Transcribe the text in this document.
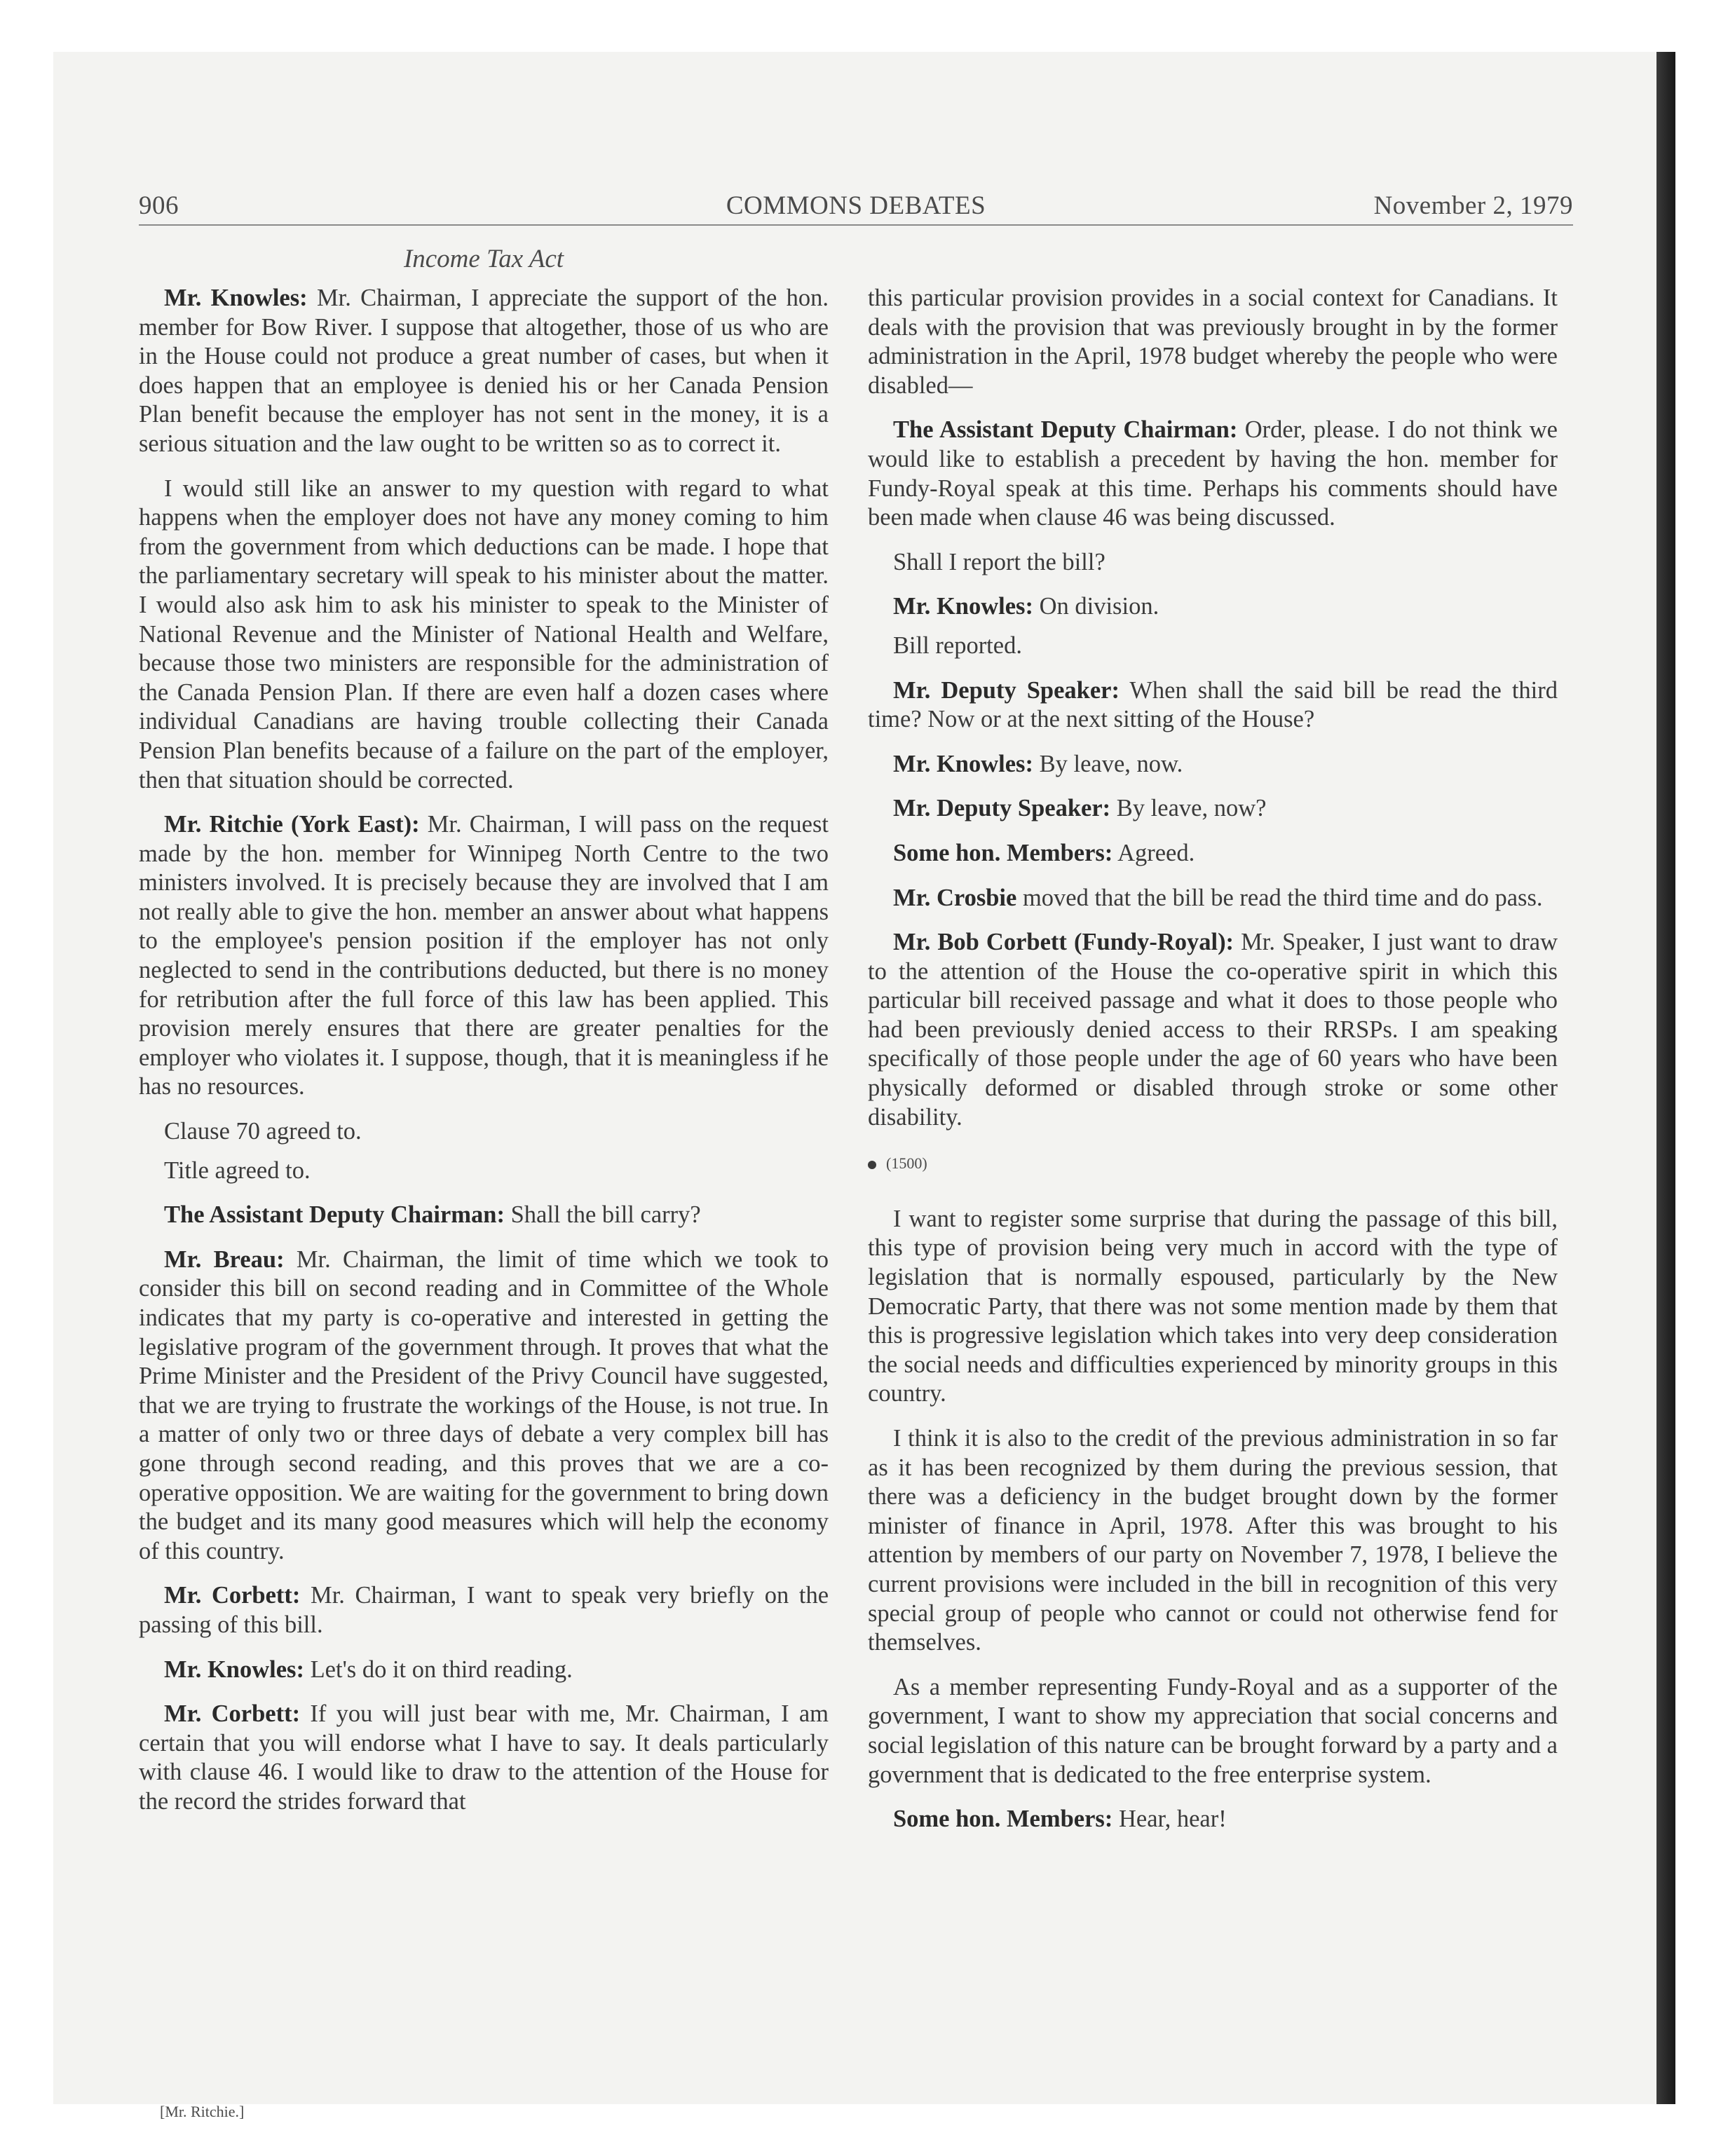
COMMONS DEBATES
906	November 2, 1979
Income Tax Act

Mr. Knowles: Mr. Chairman, I appreciate the support of the hon. member for Bow River. I suppose that altogether, those of us who are in the House could not produce a great number of cases, but when it does happen that an employee is denied his or her Canada Pension Plan benefit because the employer has not sent in the money, it is a serious situation and the law ought to be written so as to correct it.

I would still like an answer to my question with regard to what happens when the employer does not have any money coming to him from the government from which deductions can be made. I hope that the parliamentary secretary will speak to his minister about the matter. I would also ask him to ask his minister to speak to the Minister of National Revenue and the Minister of National Health and Welfare, because those two ministers are responsible for the administration of the Canada Pension Plan. If there are even half a dozen cases where individual Canadians are having trouble collecting their Canada Pension Plan benefits because of a failure on the part of the employer, then that situation should be corrected.

Mr. Ritchie (York East): Mr. Chairman, I will pass on the request made by the hon. member for Winnipeg North Centre to the two ministers involved. It is precisely because they are involved that I am not really able to give the hon. member an answer about what happens to the employee's pension position if the employer has not only neglected to send in the contributions deducted, but there is no money for retribution after the full force of this law has been applied. This provision merely ensures that there are greater penalties for the employer who violates it. I suppose, though, that it is meaningless if he has no resources.

Clause 70 agreed to.

Title agreed to.

The Assistant Deputy Chairman: Shall the bill carry?

Mr. Breau: Mr. Chairman, the limit of time which we took to consider this bill on second reading and in Committee of the Whole indicates that my party is co-operative and interested in getting the legislative program of the government through. It proves that what the Prime Minister and the President of the Privy Council have suggested, that we are trying to frustrate the workings of the House, is not true. In a matter of only two or three days of debate a very complex bill has gone through second reading, and this proves that we are a co-operative opposition. We are waiting for the government to bring down the budget and its many good measures which will help the economy of this country.

Mr. Corbett: Mr. Chairman, I want to speak very briefly on the passing of this bill.

Mr. Knowles: Let's do it on third reading.

Mr. Corbett: If you will just bear with me, Mr. Chairman, I am certain that you will endorse what I have to say. It deals particularly with clause 46. I would like to draw to the attention of the House for the record the strides forward that

this particular provision provides in a social context for Canadians. It deals with the provision that was previously brought in by the former administration in the April, 1978 budget whereby the people who were disabled—

The Assistant Deputy Chairman: Order, please. I do not think we would like to establish a precedent by having the hon. member for Fundy-Royal speak at this time. Perhaps his comments should have been made when clause 46 was being discussed.

Shall I report the bill?

Mr. Knowles: On division.

Bill reported.

Mr. Deputy Speaker: When shall the said bill be read the third time? Now or at the next sitting of the House?

Mr. Knowles: By leave, now.

Mr. Deputy Speaker: By leave, now?

Some hon. Members: Agreed.

Mr. Crosbie moved that the bill be read the third time and do pass.

Mr. Bob Corbett (Fundy-Royal): Mr. Speaker, I just want to draw to the attention of the House the co-operative spirit in which this particular bill received passage and what it does to those people who had been previously denied access to their RRSPs. I am speaking specifically of those people under the age of 60 years who have been physically deformed or disabled through stroke or some other disability.

(1500)

I want to register some surprise that during the passage of this bill, this type of provision being very much in accord with the type of legislation that is normally espoused, particularly by the New Democratic Party, that there was not some mention made by them that this is progressive legislation which takes into very deep consideration the social needs and difficulties experienced by minority groups in this country.

I think it is also to the credit of the previous administration in so far as it has been recognized by them during the previous session, that there was a deficiency in the budget brought down by the former minister of finance in April, 1978. After this was brought to his attention by members of our party on November 7, 1978, I believe the current provisions were included in the bill in recognition of this very special group of people who cannot or could not otherwise fend for themselves.

As a member representing Fundy-Royal and as a supporter of the government, I want to show my appreciation that social concerns and social legislation of this nature can be brought forward by a party and a government that is dedicated to the free enterprise system.

Some hon. Members: Hear, hear!

[Mr. Ritchie.]
